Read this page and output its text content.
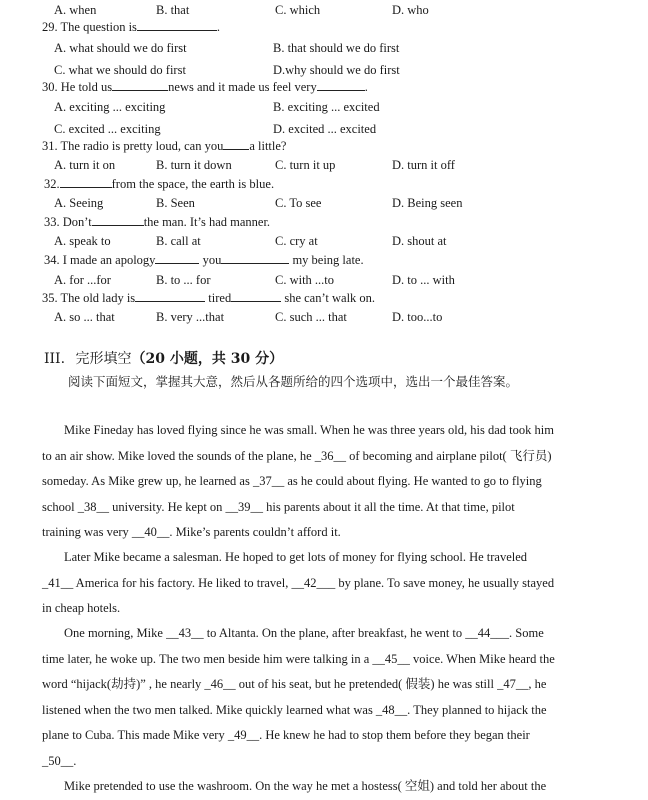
A. when	B. that	C. which	D. who
29. The question is	.
A. what should we do first	B. that should we do first
C. what we should do first	D.why should we do first
30. He told us	news and it made us feel very	.
A. exciting ... exciting	B. exciting ... excited
C. excited ... exciting	D. excited ... excited
31. The radio is pretty loud, can you a little?
A. turn it on	B. turn it down	C. turn it up	D. turn it off
32.	from the space, the earth is blue.
A. Seeing	B. Seen	C. To see	D. Being seen
33. Don’t	the man. It’s had manner.
A. speak to	B. call at	C. cry at	D. shout at
34. I made an apology	you	my being late.
A. for ...for	B. to ... for	C. with ...to	D. to ... with
35. The old lady is	tired	she can’t walk on.
A. so ... that	B. very ...that	C. such ... that	D. too...to
III. 完形填空（20 小题，共 30 分）
阅读下面短文，掌握其大意，然后从各题所给的四个选项中，选出一个最佳答案。
Mike Fineday has loved flying since he was small. When he was three years old, his dad took him
to an air show. Mike loved the sounds of the plane, he _36__ of becoming and airplane pilot( 飞行员)
someday. As Mike grew up, he learned as _37__ as he could about flying. He wanted to go to flying
school _38__ university. He kept on __39__ his parents about it all the time. At that time, pilot
training was very __40__. Mike’s parents couldn’t afford it.
Later Mike became a salesman. He hoped to get lots of money for flying school. He traveled
_41__ America for his factory. He liked to travel, __42___ by plane. To save money, he usually stayed
in cheap hotels.
One morning, Mike __43__ to Altanta. On the plane, after breakfast, he went to __44___. Some
time later, he woke up. The two men beside him were talking in a __45__ voice. When Mike heard the
word “hijack(劫持)” , he nearly _46__ out of his seat, but he pretended( 假装) he was still _47__, he
listened when the two men talked. Mike quickly learned what was _48__. They planned to hijack the
plane to Cuba. This made Mike very _49__. He knew he had to stop them before they began their
_50__.
Mike pretended to use the washroom. On the way he met a hostess( 空姐) and told her about the
